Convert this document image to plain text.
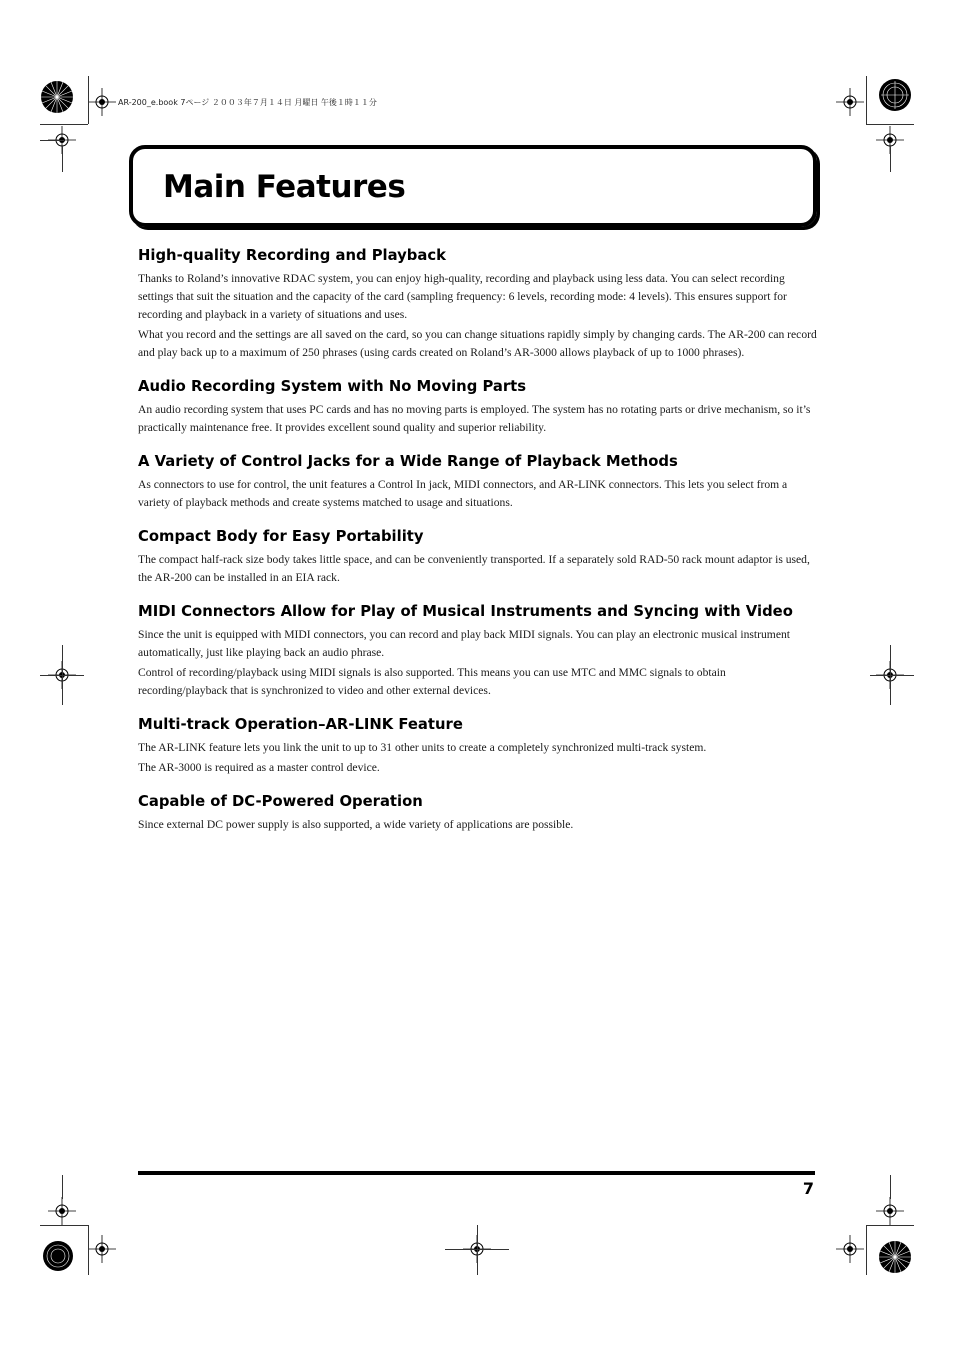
AR-200_e.book 7ページ ２００３年７月１４日 月曜日 午後１時１１分
Main Features
High-quality Recording and Playback

Thanks to Roland’s innovative RDAC system, you can enjoy high-quality, recording and playback using less data. You can select recording settings that suit the situation and the capacity of the card (sampling frequency: 6 levels, recording mode: 4 levels). This ensures support for recording and playback in a variety of situations and uses.

What you record and the settings are all saved on the card, so you can change situations rapidly simply by changing cards. The AR-200 can record and play back up to a maximum of 250 phrases (using cards created on Roland’s AR-3000 allows playback of up to 1000 phrases).

Audio Recording System with No Moving Parts

An audio recording system that uses PC cards and has no moving parts is employed. The system has no rotating parts or drive mechanism, so it’s practically maintenance free. It provides excellent sound quality and superior reliability.

A Variety of Control Jacks for a Wide Range of Playback Methods

As connectors to use for control, the unit features a Control In jack, MIDI connectors, and AR-LINK connectors. This lets you select from a variety of playback methods and create systems matched to usage and situations.

Compact Body for Easy Portability

The compact half-rack size body takes little space, and can be conveniently transported. If a separately sold RAD-50 rack mount adaptor is used, the AR-200 can be installed in an EIA rack.

MIDI Connectors Allow for Play of Musical Instruments and Syncing with Video

Since the unit is equipped with MIDI connectors, you can record and play back MIDI signals. You can play an electronic musical instrument automatically, just like playing back an audio phrase.

Control of recording/playback using MIDI signals is also supported. This means you can use MTC and MMC signals to obtain recording/playback that is synchronized to video and other external devices.

Multi-track Operation–AR-LINK Feature

The AR-LINK feature lets you link the unit to up to 31 other units to create a completely synchronized multi-track system.

The AR-3000 is required as a master control device.

Capable of DC-Powered Operation

Since external DC power supply is also supported, a wide variety of applications are possible.

7
